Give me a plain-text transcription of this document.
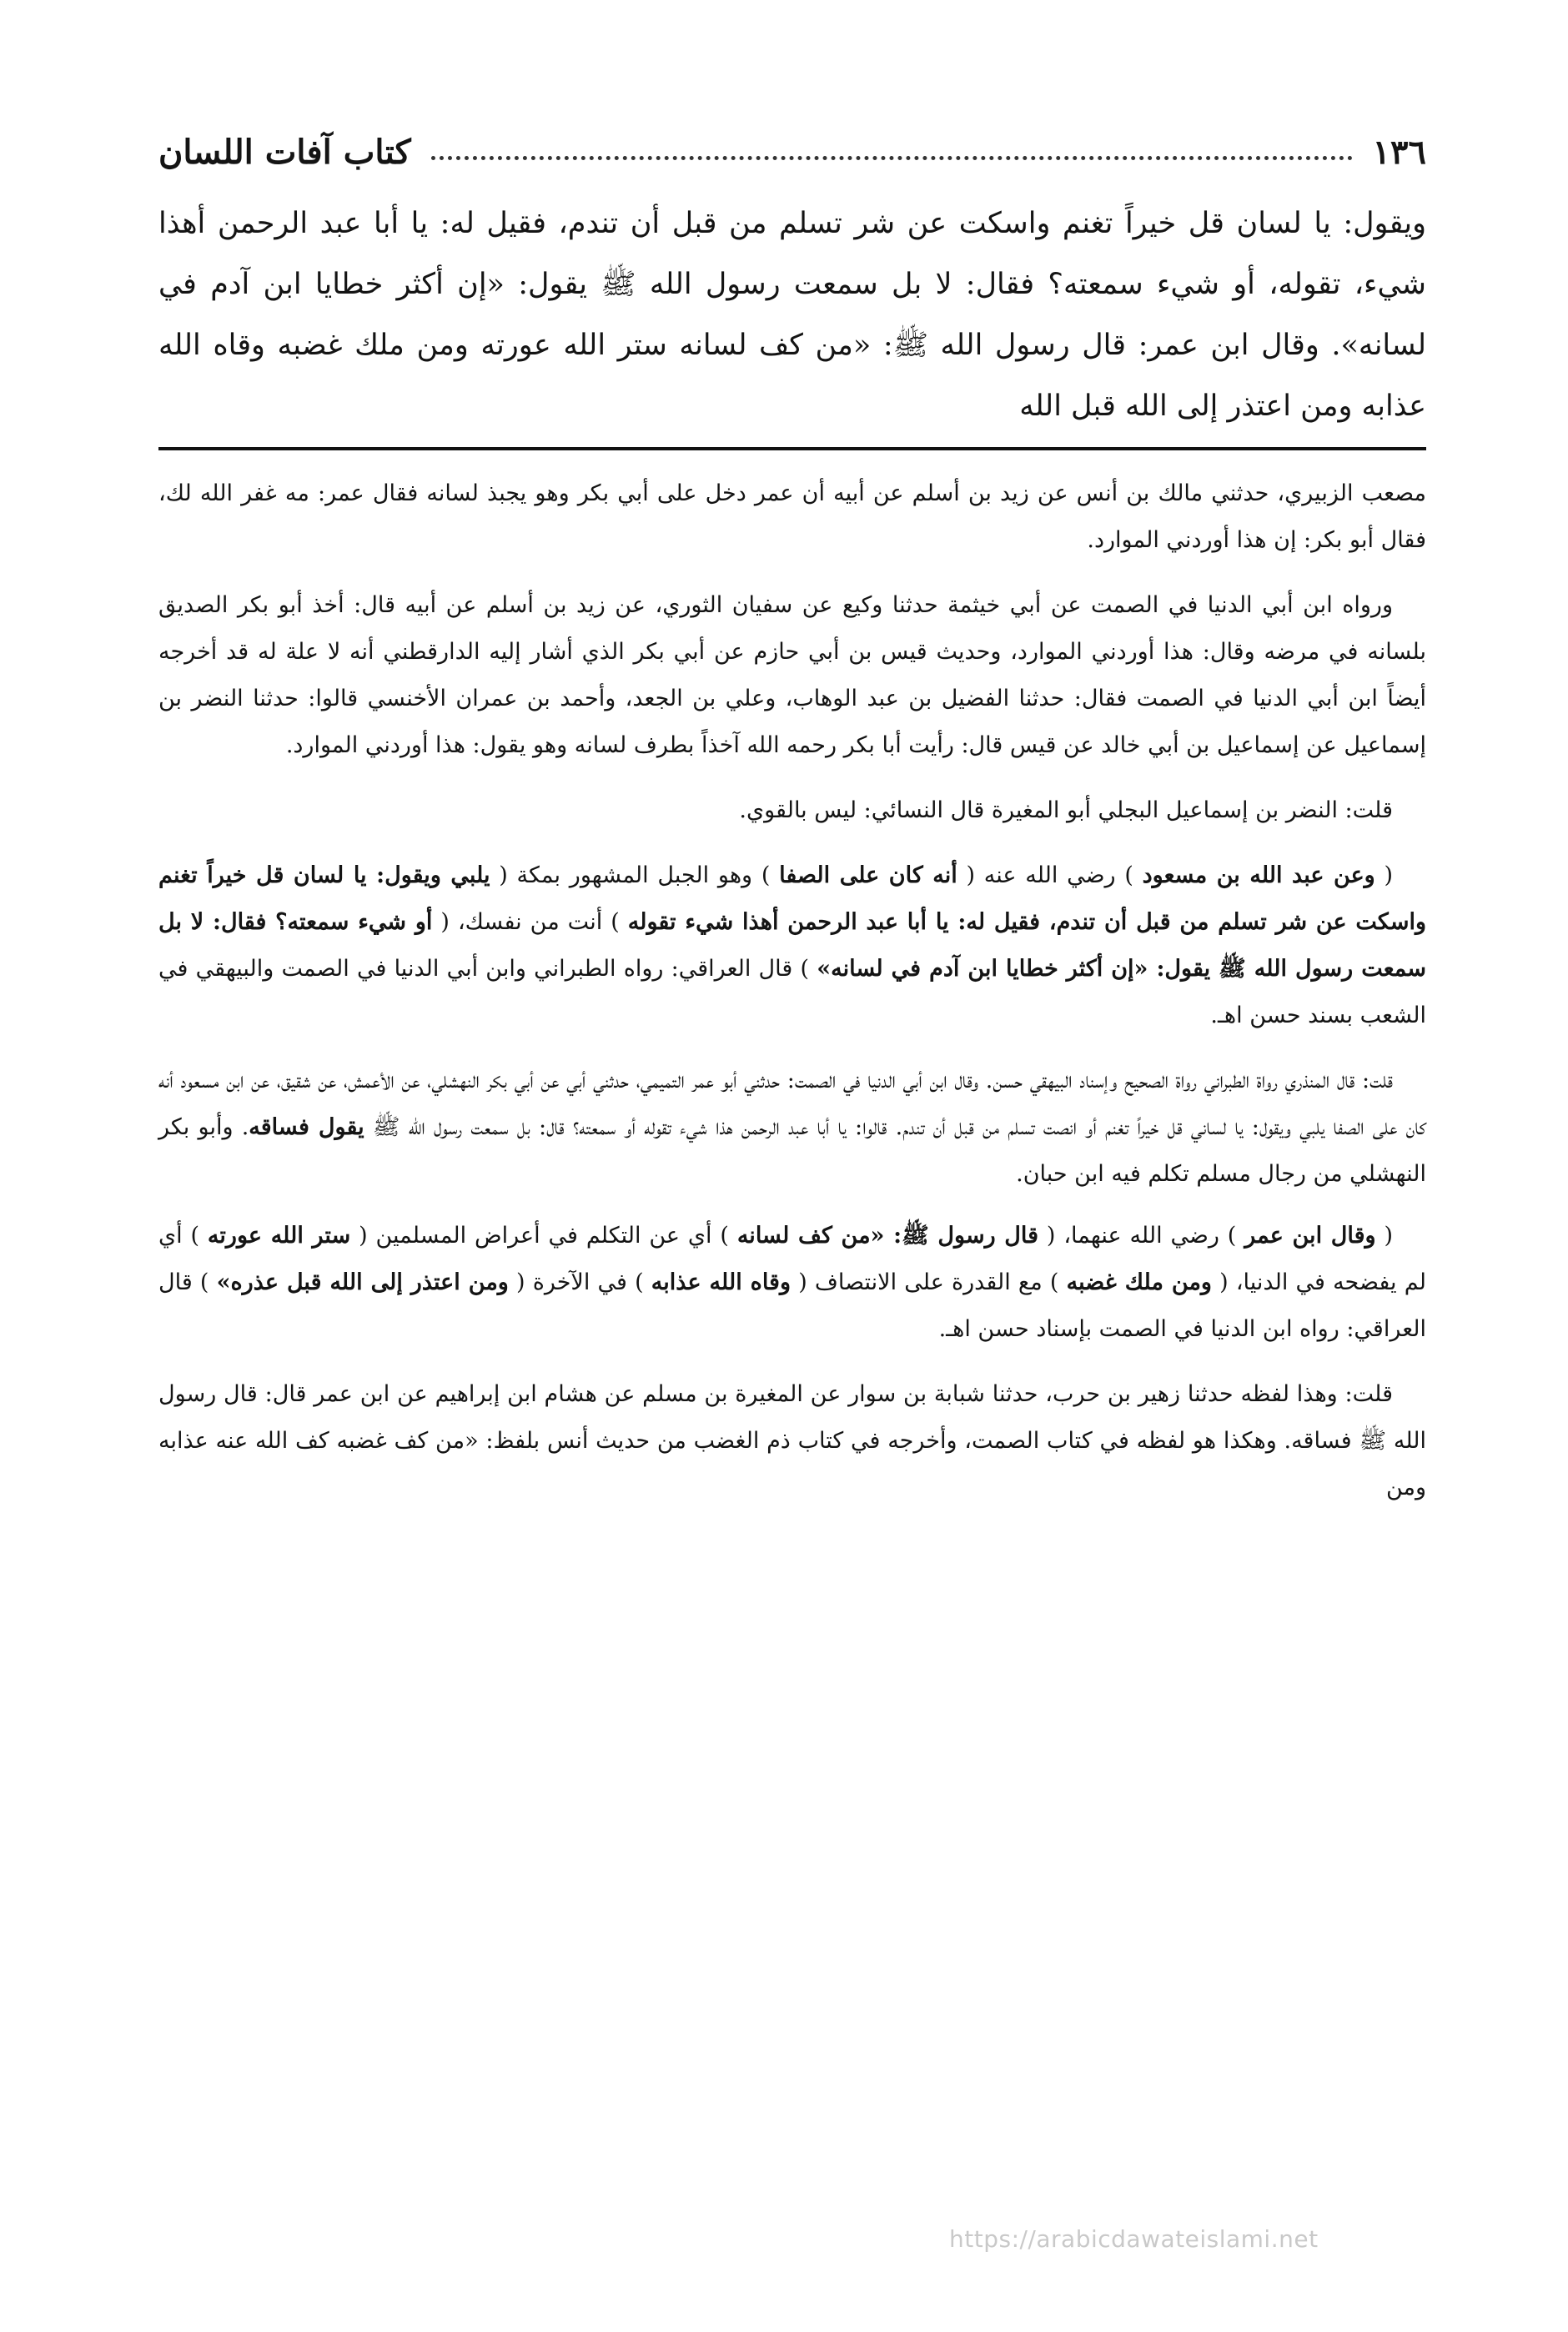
١٣٦
كتاب آفات اللسان

ويقول: يا لسان قل خيراً تغنم واسكت عن شر تسلم من قبل أن تندم، فقيل له: يا أبا عبد الرحمن أهذا شيء، تقوله، أو شيء سمعته؟ فقال: لا بل سمعت رسول الله ﷺ يقول: «إن أكثر خطايا ابن آدم في لسانه». وقال ابن عمر: قال رسول الله ﷺ: «من كف لسانه ستر الله عورته ومن ملك غضبه وقاه الله عذابه ومن اعتذر إلى الله قبل الله

مصعب الزبيري، حدثني مالك بن أنس عن زيد بن أسلم عن أبيه أن عمر دخل على أبي بكر وهو يجبذ لسانه فقال عمر: مه غفر الله لك، فقال أبو بكر: إن هذا أوردني الموارد.

ورواه ابن أبي الدنيا في الصمت عن أبي خيثمة حدثنا وكيع عن سفيان الثوري، عن زيد بن أسلم عن أبيه قال: أخذ أبو بكر الصديق بلسانه في مرضه وقال: هذا أوردني الموارد، وحديث قيس بن أبي حازم عن أبي بكر الذي أشار إليه الدارقطني أنه لا علة له قد أخرجه أيضاً ابن أبي الدنيا في الصمت فقال: حدثنا الفضيل بن عبد الوهاب، وعلي بن الجعد، وأحمد بن عمران الأخنسي قالوا: حدثنا النضر بن إسماعيل عن إسماعيل بن أبي خالد عن قيس قال: رأيت أبا بكر رحمه الله آخذاً بطرف لسانه وهو يقول: هذا أوردني الموارد.

قلت: النضر بن إسماعيل البجلي أبو المغيرة قال النسائي: ليس بالقوي.

( وعن عبد الله بن مسعود ) رضي الله عنه ( أنه كان على الصفا ) وهو الجبل المشهور بمكة ( يلبي ويقول: يا لسان قل خيراً تغنم واسكت عن شر تسلم من قبل أن تندم، فقيل له: يا أبا عبد الرحمن أهذا شيء تقوله ) أنت من نفسك، ( أو شيء سمعته؟ فقال: لا بل سمعت رسول الله ﷺ يقول: «إن أكثر خطايا ابن آدم في لسانه» ) قال العراقي: رواه الطبراني وابن أبي الدنيا في الصمت والبيهقي في الشعب بسند حسن اهـ.

قلت: قال المنذري رواة الطبراني رواة الصحيح وإسناد البيهقي حسن. وقال ابن أبي الدنيا في الصمت: حدثني أبو عمر التميمي، حدثني أبي عن أبي بكر النهشلي، عن الأعمش، عن شقيق، عن ابن مسعود أنه كان على الصفا يلبي ويقول: يا لساني قل خيراً تغنم أو انصت تسلم من قبل أن تندم. قالوا: يا أبا عبد الرحمن هذا شيء تقوله أو سمعته؟ قال: بل سمعت رسول الله ﷺ يقول فساقه. وأبو بكر النهشلي من رجال مسلم تكلم فيه ابن حبان.

( وقال ابن عمر ) رضي الله عنهما، ( قال رسول ﷺ: «من كف لسانه ) أي عن التكلم في أعراض المسلمين ( ستر الله عورته ) أي لم يفضحه في الدنيا، ( ومن ملك غضبه ) مع القدرة على الانتصاف ( وقاه الله عذابه ) في الآخرة ( ومن اعتذر إلى الله قبل عذره» ) قال العراقي: رواه ابن الدنيا في الصمت بإسناد حسن اهـ.

قلت: وهذا لفظه حدثنا زهير بن حرب، حدثنا شبابة بن سوار عن المغيرة بن مسلم عن هشام ابن إبراهيم عن ابن عمر قال: قال رسول الله ﷺ فساقه. وهكذا هو لفظه في كتاب الصمت، وأخرجه في كتاب ذم الغضب من حديث أنس بلفظ: «من كف غضبه كف الله عنه عذابه ومن

https://arabicdawateislami.net
